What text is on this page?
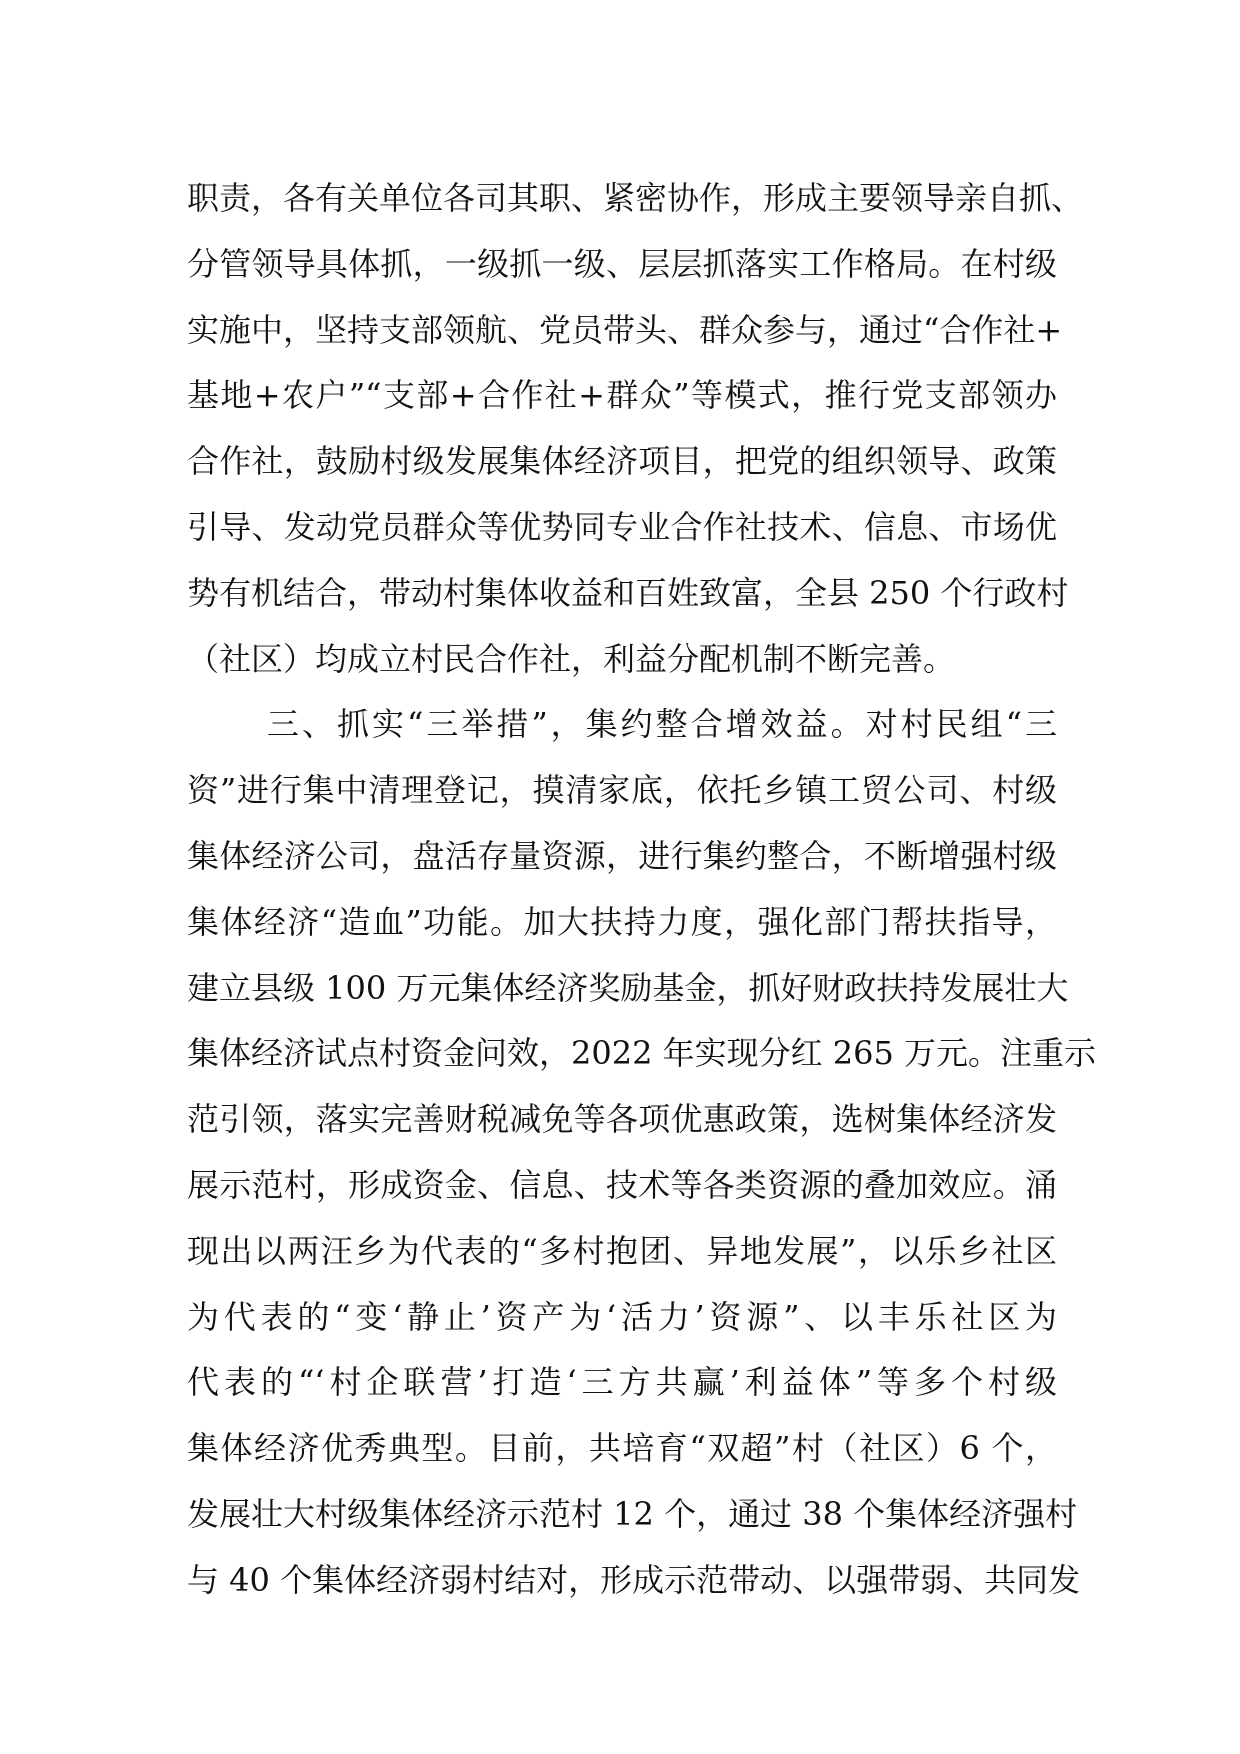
职责，各有关单位各司其职、紧密协作，形成主要领导亲自抓、
分管领导具体抓，一级抓一级、层层抓落实工作格局。在村级
实施中，坚持支部领航、党员带头、群众参与，通过“合作社+
基地+农户”“支部+合作社+群众”等模式，推行党支部领办
合作社，鼓励村级发展集体经济项目，把党的组织领导、政策
引导、发动党员群众等优势同专业合作社技术、信息、市场优
势有机结合，带动村集体收益和百姓致富，全县 250 个行政村
（社区）均成立村民合作社，利益分配机制不断完善。
三、抓实“三举措”，集约整合增效益。对村民组“三
资”进行集中清理登记，摸清家底，依托乡镇工贸公司、村级
集体经济公司，盘活存量资源，进行集约整合，不断增强村级
集体经济“造血”功能。加大扶持力度，强化部门帮扶指导，
建立县级 100 万元集体经济奖励基金，抓好财政扶持发展壮大
集体经济试点村资金问效，2022 年实现分红 265 万元。注重示
范引领，落实完善财税减免等各项优惠政策，选树集体经济发
展示范村，形成资金、信息、技术等各类资源的叠加效应。涌
现出以两汪乡为代表的“多村抱团、异地发展”，以乐乡社区
为代表的“变‘静止’资产为‘活力’资源”、以丰乐社区为
代表的“‘村企联营’打造‘三方共赢’利益体”等多个村级
集体经济优秀典型。目前，共培育“双超”村（社区）6 个，
发展壮大村级集体经济示范村 12 个，通过 38 个集体经济强村
与 40 个集体经济弱村结对，形成示范带动、以强带弱、共同发
